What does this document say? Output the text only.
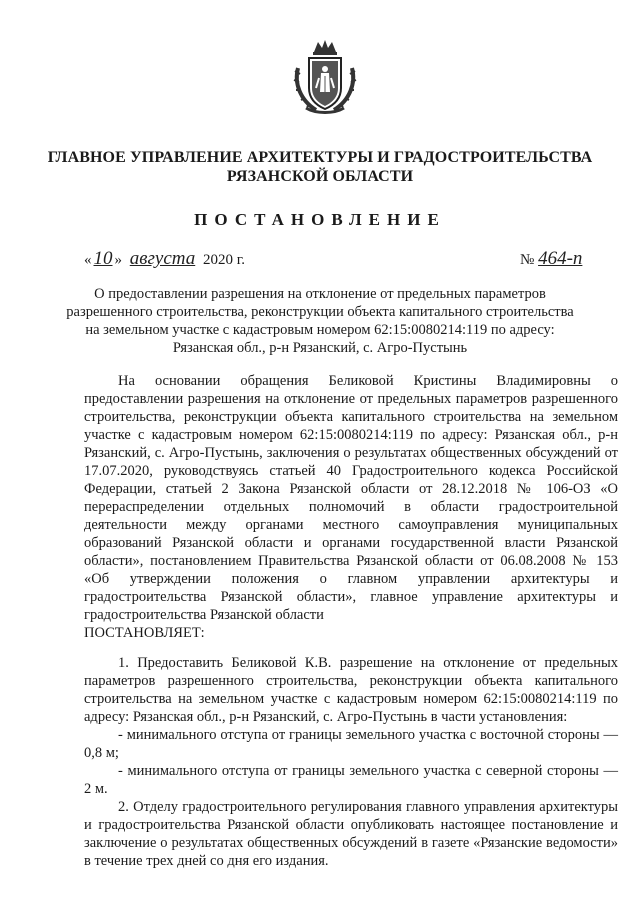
ГЛАВНОЕ УПРАВЛЕНИЕ АРХИТЕКТУРЫ И ГРАДОСТРОИТЕЛЬСТВА
РЯЗАНСКОЙ ОБЛАСТИ
ПОСТАНОВЛЕНИЕ
« 10 » августа 2020 г.	№ 464-п
О предоставлении разрешения на отклонение от предельных параметров
разрешенного строительства, реконструкции объекта капитального строительства
на земельном участке с кадастровым номером 62:15:0080214:119 по адресу:
Рязанская обл., р-н Рязанский, с. Агро-Пустынь

На основании обращения Беликовой Кристины Владимировны о предоставлении разрешения на отклонение от предельных параметров разрешенного строительства, реконструкции объекта капитального строительства на земельном участке с кадастровым номером 62:15:0080214:119 по адресу: Рязанская обл., р-н Рязанский, с. Агро-Пустынь, заключения о результатах общественных обсуждений от 17.07.2020, руководствуясь статьей 40 Градостроительного кодекса Российской Федерации, статьей 2 Закона Рязанской области от 28.12.2018 № 106-ОЗ «О перераспределении отдельных полномочий в области градостроительной деятельности между органами местного самоуправления муниципальных образований Рязанской области и органами государственной власти Рязанской области», постановлением Правительства Рязанской области от 06.08.2008 № 153 «Об утверждении положения о главном управлении архитектуры и градостроительства Рязанской области», главное управление архитектуры и градостроительства Рязанской области

ПОСТАНОВЛЯЕТ:

1. Предоставить Беликовой К.В. разрешение на отклонение от предельных параметров разрешенного строительства, реконструкции объекта капитального строительства на земельном участке с кадастровым номером 62:15:0080214:119 по адресу: Рязанская обл., р-н Рязанский, с. Агро-Пустынь в части установления:

- минимального отступа от границы земельного участка с восточной стороны — 0,8 м;

- минимального отступа от границы земельного участка с северной стороны — 2 м.

2. Отделу градостроительного регулирования главного управления архитектуры и градостроительства Рязанской области опубликовать настоящее постановление и заключение о результатах общественных обсуждений в газете «Рязанские ведомости» в течение трех дней со дня его издания.
